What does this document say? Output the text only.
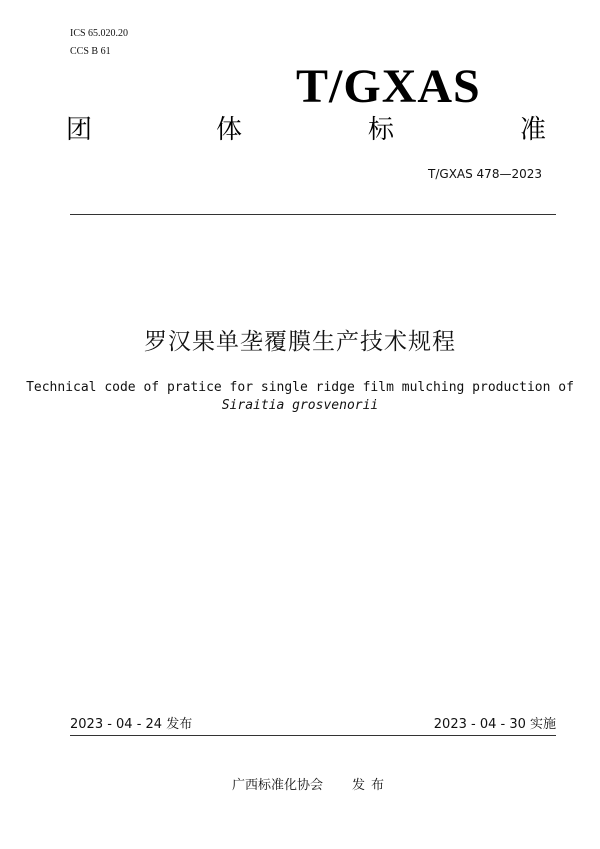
ICS 65.020.20
CCS B 61
T/GXAS
团	体	标	准
T/GXAS 478—2023
罗汉果单垄覆膜生产技术规程
Technical code of pratice for single ridge film mulching production of
Siraitia grosvenorii
2023 - 04 - 24 发布	2023 - 04 - 30 实施
广西标准化协会 发布
